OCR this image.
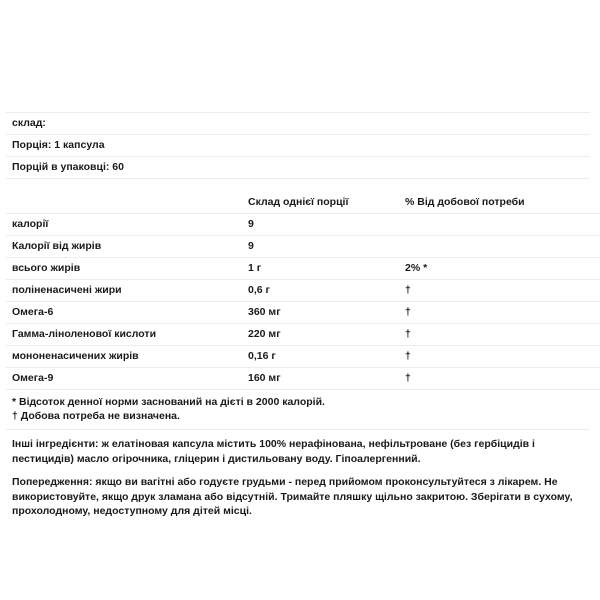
склад:
Порція: 1 капсула
Порцій в упаковці: 60
	Склад однієї порції	% Від добової потреби
калорії	9	
Калорії від жирів	9	
всього жирів	1 г	2% *
поліненасичені жири	0,6 г	†
Омега-6	360 мг	†
Гамма-ліноленової кислоти	220 мг	†
мононенасичених жирів	0,16 г	†
Омега-9	160 мг	†
* Відсоток денної норми заснований на дієті в 2000 калорій.
† Добова потреба не визначена.
Інші інгредієнти: ж елатіновая капсула містить 100% нерафінована, нефільтроване (без гербіцидів і пестицидів) масло огірочника, гліцерин і дистильовану воду. Гіпоалергенний.
Попередження: якщо ви вагітні або годуєте грудьми - перед прийомом проконсультуйтеся з лікарем. Не використовуйте, якщо друк зламана або відсутній. Тримайте пляшку щільно закритою. Зберігати в сухому, прохолодному, недоступному для дітей місці.
